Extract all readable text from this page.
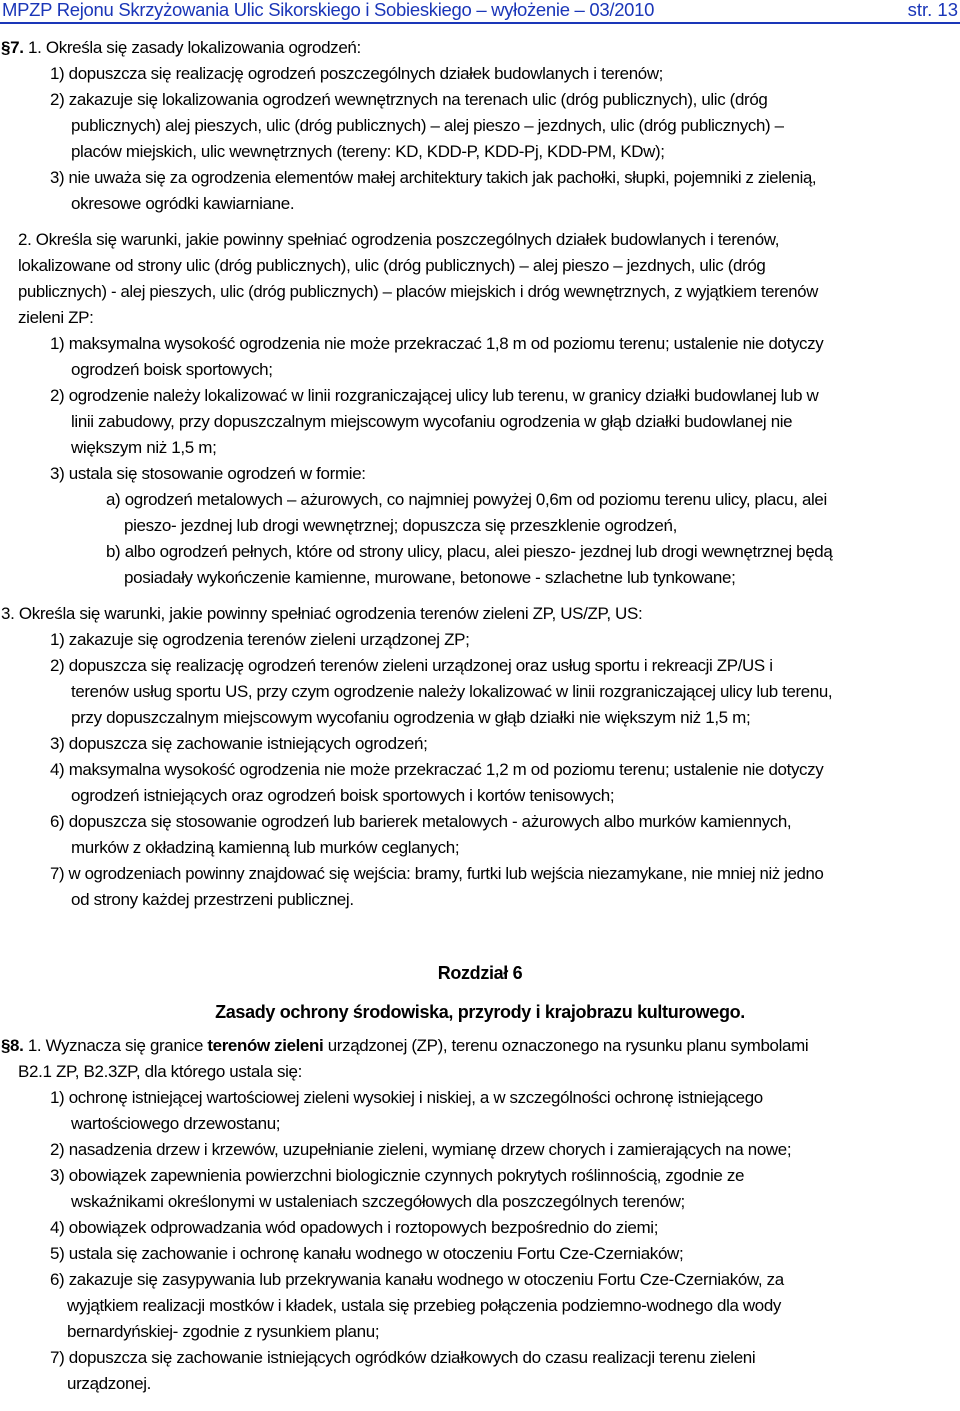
MPZP Rejonu Skrzyżowania Ulic Sikorskiego i Sobieskiego – wyłożenie – 03/2010	str. 13
§7. 1. Określa się zasady lokalizowania ogrodzeń:
1) dopuszcza się realizację ogrodzeń poszczególnych działek budowlanych i terenów;
2) zakazuje się lokalizowania ogrodzeń wewnętrznych na terenach ulic (dróg publicznych), ulic (dróg
publicznych) alej pieszych, ulic (dróg publicznych) – alej pieszo – jezdnych, ulic (dróg publicznych) –
placów miejskich, ulic wewnętrznych (tereny: KD, KDD-P, KDD-Pj, KDD-PM, KDw);
3) nie uważa się za ogrodzenia elementów małej architektury takich jak pachołki, słupki, pojemniki z zielenią,
okresowe ogródki kawiarniane.
2. Określa się warunki, jakie powinny spełniać ogrodzenia poszczególnych działek budowlanych i terenów,
lokalizowane od strony ulic (dróg publicznych), ulic (dróg publicznych) – alej pieszo – jezdnych, ulic (dróg
publicznych) - alej pieszych, ulic (dróg publicznych) – placów miejskich i dróg wewnętrznych, z wyjątkiem terenów
zieleni ZP:
1) maksymalna wysokość ogrodzenia nie może przekraczać 1,8 m od poziomu terenu; ustalenie nie dotyczy
ogrodzeń boisk sportowych;
2) ogrodzenie należy lokalizować w linii rozgraniczającej ulicy lub terenu, w granicy działki budowlanej lub w
linii zabudowy, przy dopuszczalnym miejscowym wycofaniu ogrodzenia w głąb działki budowlanej nie
większym niż 1,5 m;
3) ustala się stosowanie ogrodzeń w formie:
a) ogrodzeń metalowych – ażurowych, co najmniej powyżej 0,6m od poziomu terenu ulicy, placu, alei
pieszo- jezdnej lub drogi wewnętrznej; dopuszcza się przeszklenie ogrodzeń,
b) albo ogrodzeń pełnych, które od strony ulicy, placu, alei pieszo- jezdnej lub drogi wewnętrznej będą
posiadały wykończenie kamienne, murowane, betonowe - szlachetne lub tynkowane;
3. Określa się warunki, jakie powinny spełniać ogrodzenia terenów zieleni ZP, US/ZP, US:
1) zakazuje się ogrodzenia terenów zieleni urządzonej ZP;
2) dopuszcza się realizację ogrodzeń terenów zieleni urządzonej oraz usług sportu i rekreacji ZP/US i
terenów usług sportu US, przy czym ogrodzenie należy lokalizować w linii rozgraniczającej ulicy lub terenu,
przy dopuszczalnym miejscowym wycofaniu ogrodzenia w głąb działki nie większym niż 1,5 m;
3) dopuszcza się zachowanie istniejących ogrodzeń;
4) maksymalna wysokość ogrodzenia nie może przekraczać 1,2 m od poziomu terenu; ustalenie nie dotyczy
ogrodzeń istniejących oraz ogrodzeń boisk sportowych i kortów tenisowych;
6) dopuszcza się stosowanie ogrodzeń lub barierek metalowych - ażurowych albo murków kamiennych,
murków z okładziną kamienną lub murków ceglanych;
7) w ogrodzeniach powinny znajdować się wejścia: bramy, furtki lub wejścia niezamykane, nie mniej niż jedno
od strony każdej przestrzeni publicznej.
Rozdział 6
Zasady ochrony środowiska, przyrody i krajobrazu kulturowego.
§8. 1. Wyznacza się granice terenów zieleni urządzonej (ZP), terenu oznaczonego na rysunku planu symbolami
B2.1 ZP, B2.3ZP, dla którego ustala się:
1) ochronę istniejącej wartościowej zieleni wysokiej i niskiej, a w szczególności ochronę istniejącego
wartościowego drzewostanu;
2) nasadzenia drzew i krzewów, uzupełnianie zieleni, wymianę drzew chorych i zamierających na nowe;
3) obowiązek zapewnienia powierzchni biologicznie czynnych pokrytych roślinnością, zgodnie ze
wskaźnikami określonymi w ustaleniach szczegółowych dla poszczególnych terenów;
4) obowiązek odprowadzania wód opadowych i roztopowych bezpośrednio do ziemi;
5) ustala się zachowanie i ochronę kanału wodnego w otoczeniu Fortu Cze-Czerniaków;
6) zakazuje się zasypywania lub przekrywania kanału wodnego w otoczeniu Fortu Cze-Czerniaków, za
wyjątkiem realizacji mostków i kładek, ustala się przebieg połączenia podziemno-wodnego dla wody
bernardyńskiej- zgodnie z rysunkiem planu;
7) dopuszcza się zachowanie istniejących ogródków działkowych do czasu realizacji terenu zieleni
urządzonej.
